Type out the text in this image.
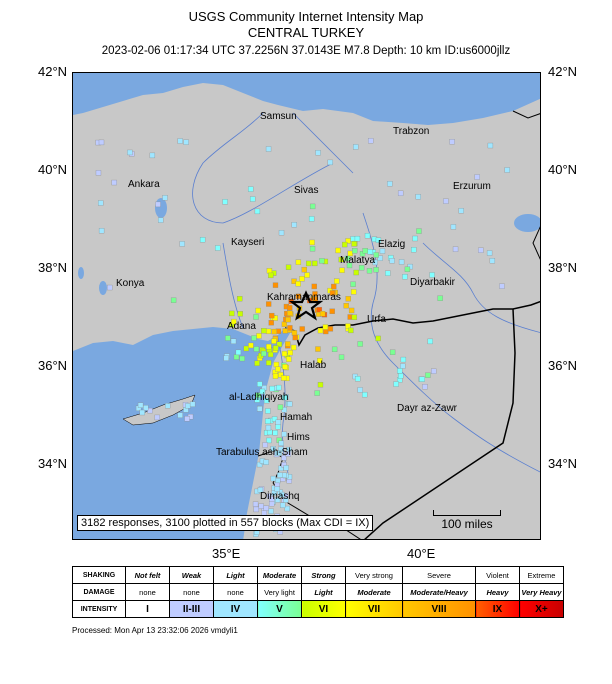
USGS Community Internet Intensity Map
CENTRAL TURKEY
2023-02-06 01:17:34 UTC 37.2256N 37.0143E M7.8 Depth: 10 km ID:us6000jllz
42°N
40°N
38°N
36°N
34°N
42°N
40°N
38°N
36°N
34°N
35°E	40°E
Samsun
Trabzon
Ankara
Sivas	Erzurum
Kayseri	Elazig
Malatya
Konya	Diyarbakir
Kahramanmaras
Adana
Urfa
Halab
al-Ladhiqiyah
Dayr az-Zawr
Hamah
Hims
Tarabulus ash-Sham
Dimashq
3182 responses, 3100 plotted in 557 blocks (Max CDI = IX)	100 miles
SHAKING	Not felt	Weak	Light	Moderate	Strong	Very strong	Severe	Violent	Extreme
DAMAGE	none	none	none	Very light	Light	Moderate	Moderate/Heavy	Heavy	Very Heavy
INTENSITY	I	II-III	IV	V	VI	VII	VIII	IX	X+
Processed: Mon Apr 13 23:32:06 2026 vmdyli1
